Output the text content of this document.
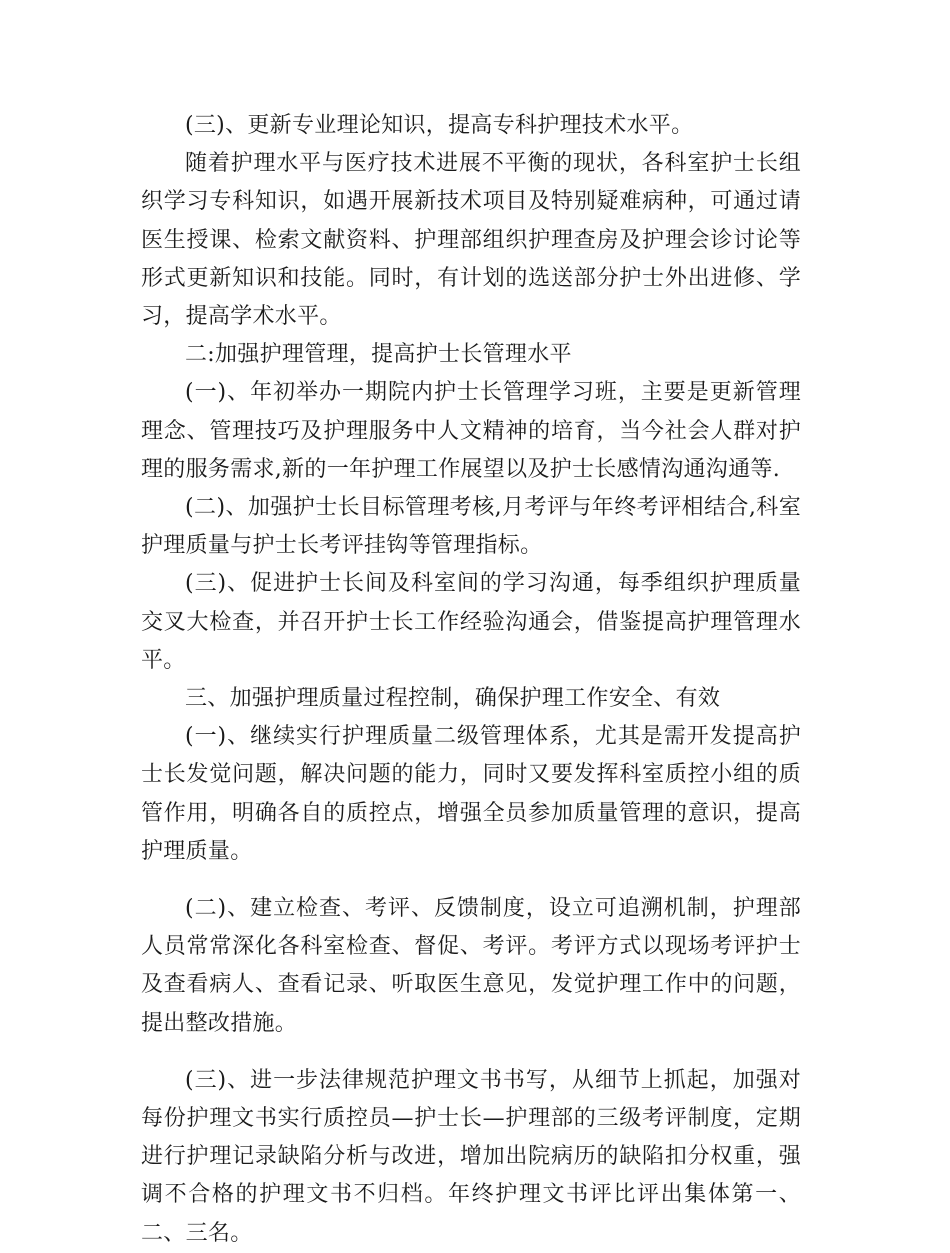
(三)、更新专业理论知识，提高专科护理技术水平。

随着护理水平与医疗技术进展不平衡的现状，各科室护士长组织学习专科知识，如遇开展新技术项目及特别疑难病种，可通过请医生授课、检索文献资料、护理部组织护理查房及护理会诊讨论等形式更新知识和技能。同时，有计划的选送部分护士外出进修、学习，提高学术水平。

二:加强护理管理，提高护士长管理水平

(一)、年初举办一期院内护士长管理学习班，主要是更新管理理念、管理技巧及护理服务中人文精神的培育，当今社会人群对护理的服务需求,新的一年护理工作展望以及护士长感情沟通沟通等.

(二)、加强护士长目标管理考核,月考评与年终考评相结合,科室护理质量与护士长考评挂钩等管理指标。

(三)、促进护士长间及科室间的学习沟通，每季组织护理质量交叉大检查，并召开护士长工作经验沟通会，借鉴提高护理管理水平。

三、加强护理质量过程控制，确保护理工作安全、有效

(一)、继续实行护理质量二级管理体系，尤其是需开发提高护士长发觉问题，解决问题的能力，同时又要发挥科室质控小组的质管作用，明确各自的质控点，增强全员参加质量管理的意识，提高护理质量。

(二)、建立检查、考评、反馈制度，设立可追溯机制，护理部人员常常深化各科室检查、督促、考评。考评方式以现场考评护士及查看病人、查看记录、听取医生意见，发觉护理工作中的问题，提出整改措施。

(三)、进一步法律规范护理文书书写，从细节上抓起，加强对每份护理文书实行质控员—护士长—护理部的三级考评制度，定期进行护理记录缺陷分析与改进，增加出院病历的缺陷扣分权重，强调不合格的护理文书不归档。年终护理文书评比评出集体第一、二、三名。
